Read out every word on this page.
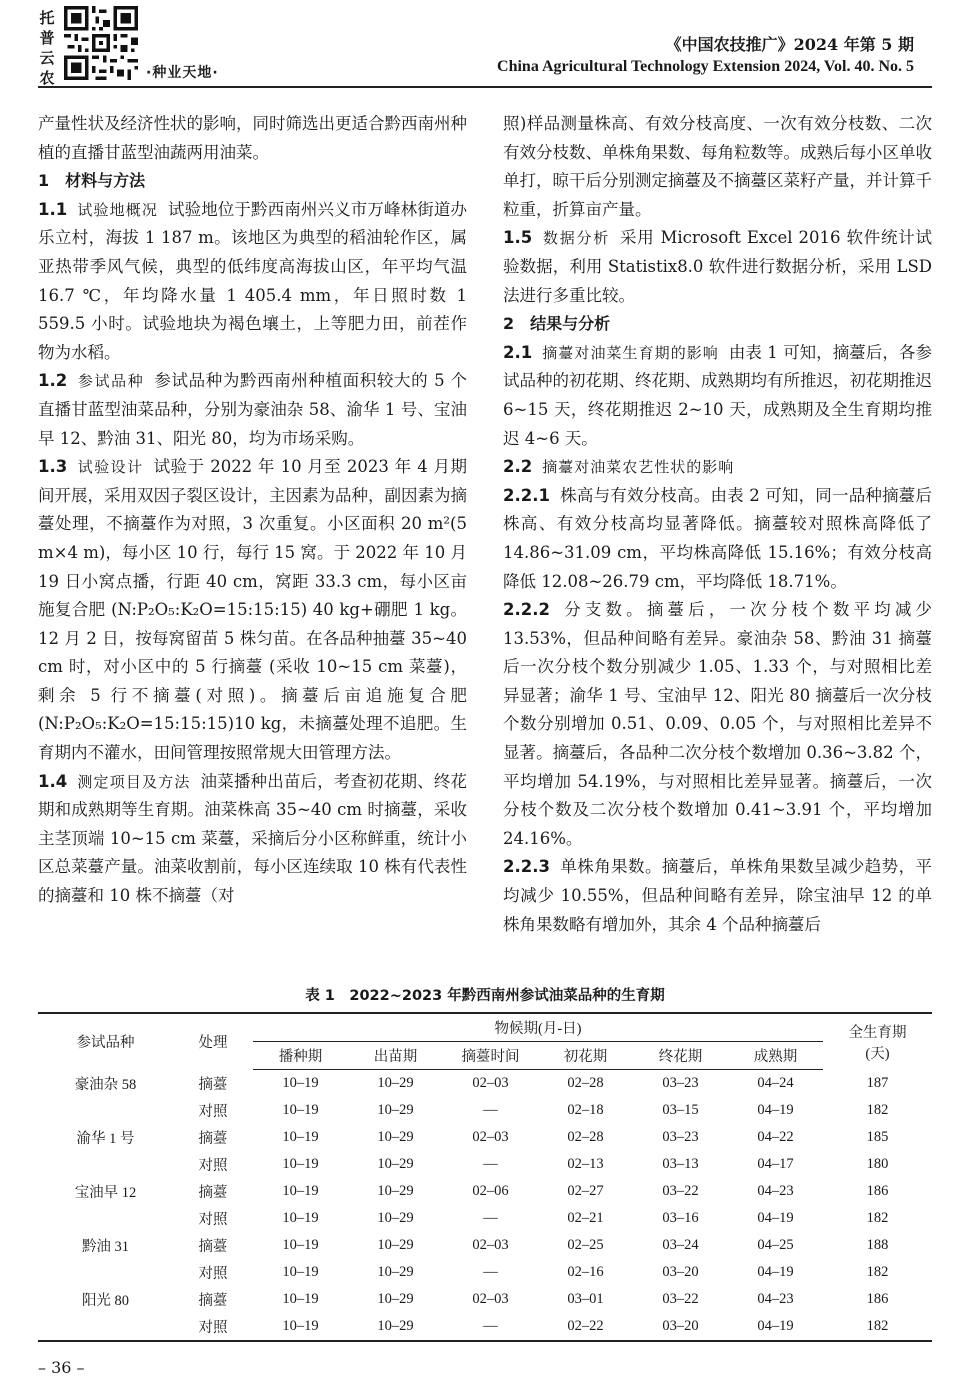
托
普
云
农	·种业天地·
《中国农技推广》2024 年第 5 期
China Agricultural Technology Extension 2024, Vol. 40. No. 5

产量性状及经济性状的影响，同时筛选出更适合黔西南州种植的直播甘蓝型油蔬两用油菜。

1　材料与方法

1.1 试验地概况 试验地位于黔西南州兴义市万峰林街道办乐立村，海拔 1 187 m。该地区为典型的稻油轮作区，属亚热带季风气候，典型的低纬度高海拔山区，年平均气温 16.7 ℃，年均降水量 1 405.4 mm，年日照时数 1 559.5 小时。试验地块为褐色壤土，上等肥力田，前茬作物为水稻。

1.2 参试品种 参试品种为黔西南州种植面积较大的 5 个直播甘蓝型油菜品种，分别为豪油杂 58、渝华 1 号、宝油早 12、黔油 31、阳光 80，均为市场采购。

1.3 试验设计 试验于 2022 年 10 月至 2023 年 4 月期间开展，采用双因子裂区设计，主因素为品种，副因素为摘薹处理，不摘薹作为对照，3 次重复。小区面积 20 m²(5 m×4 m)，每小区 10 行，每行 15 窝。于 2022 年 10 月 19 日小窝点播，行距 40 cm，窝距 33.3 cm，每小区亩施复合肥 (N:P₂O₅:K₂O=15:15:15) 40 kg+硼肥 1 kg。12 月 2 日，按每窝留苗 5 株匀苗。在各品种抽薹 35~40 cm 时，对小区中的 5 行摘薹 (采收 10~15 cm 菜薹)，剩余 5 行不摘薹(对照)。摘薹后亩追施复合肥 (N:P₂O₅:K₂O=15:15:15)10 kg，未摘薹处理不追肥。生育期内不灌水，田间管理按照常规大田管理方法。

1.4 测定项目及方法 油菜播种出苗后，考查初花期、终花期和成熟期等生育期。油菜株高 35~40 cm 时摘薹，采收主茎顶端 10~15 cm 菜薹，采摘后分小区称鲜重，统计小区总菜薹产量。油菜收割前，每小区连续取 10 株有代表性的摘薹和 10 株不摘薹（对

照)样品测量株高、有效分枝高度、一次有效分枝数、二次有效分枝数、单株角果数、每角粒数等。成熟后每小区单收单打，晾干后分别测定摘薹及不摘薹区菜籽产量，并计算千粒重，折算亩产量。

1.5 数据分析 采用 Microsoft Excel 2016 软件统计试验数据，利用 Statistix8.0 软件进行数据分析，采用 LSD 法进行多重比较。

2　结果与分析

2.1 摘薹对油菜生育期的影响 由表 1 可知，摘薹后，各参试品种的初花期、终花期、成熟期均有所推迟，初花期推迟 6~15 天，终花期推迟 2~10 天，成熟期及全生育期均推迟 4~6 天。

2.2 摘薹对油菜农艺性状的影响

2.2.1 株高与有效分枝高。由表 2 可知，同一品种摘薹后株高、有效分枝高均显著降低。摘薹较对照株高降低了 14.86~31.09 cm，平均株高降低 15.16%；有效分枝高降低 12.08~26.79 cm，平均降低 18.71%。

2.2.2 分支数。摘薹后，一次分枝个数平均减少 13.53%，但品种间略有差异。豪油杂 58、黔油 31 摘薹后一次分枝个数分别减少 1.05、1.33 个，与对照相比差异显著；渝华 1 号、宝油早 12、阳光 80 摘薹后一次分枝个数分别增加 0.51、0.09、0.05 个，与对照相比差异不显著。摘薹后，各品种二次分枝个数增加 0.36~3.82 个，平均增加 54.19%，与对照相比差异显著。摘薹后，一次分枝个数及二次分枝个数增加 0.41~3.91 个，平均增加 24.16%。

2.2.3 单株角果数。摘薹后，单株角果数呈减少趋势，平均减少 10.55%，但品种间略有差异，除宝油早 12 的单株角果数略有增加外，其余 4 个品种摘薹后

表 1　2022~2023 年黔西南州参试油菜品种的生育期
参试品种	处理	物候期(月-日)						全生育期
(天)

		播种期	出苗期	摘薹时间	初花期	终花期	成熟期	
豪油杂 58	摘薹	10–19	10–29	02–03	02–28	03–23	04–24	187
	对照	10–19	10–29	—	02–18	03–15	04–19	182
渝华 1 号	摘薹	10–19	10–29	02–03	02–28	03–23	04–22	185
	对照	10–19	10–29	—	02–13	03–13	04–17	180
宝油早 12	摘薹	10–19	10–29	02–06	02–27	03–22	04–23	186
	对照	10–19	10–29	—	02–21	03–16	04–19	182
黔油 31	摘薹	10–19	10–29	02–03	02–25	03–24	04–25	188
	对照	10–19	10–29	—	02–16	03–20	04–19	182
阳光 80	摘薹	10–19	10–29	02–03	03–01	03–22	04–23	186
	对照	10–19	10–29	—	02–22	03–20	04–19	182
– 36 –
